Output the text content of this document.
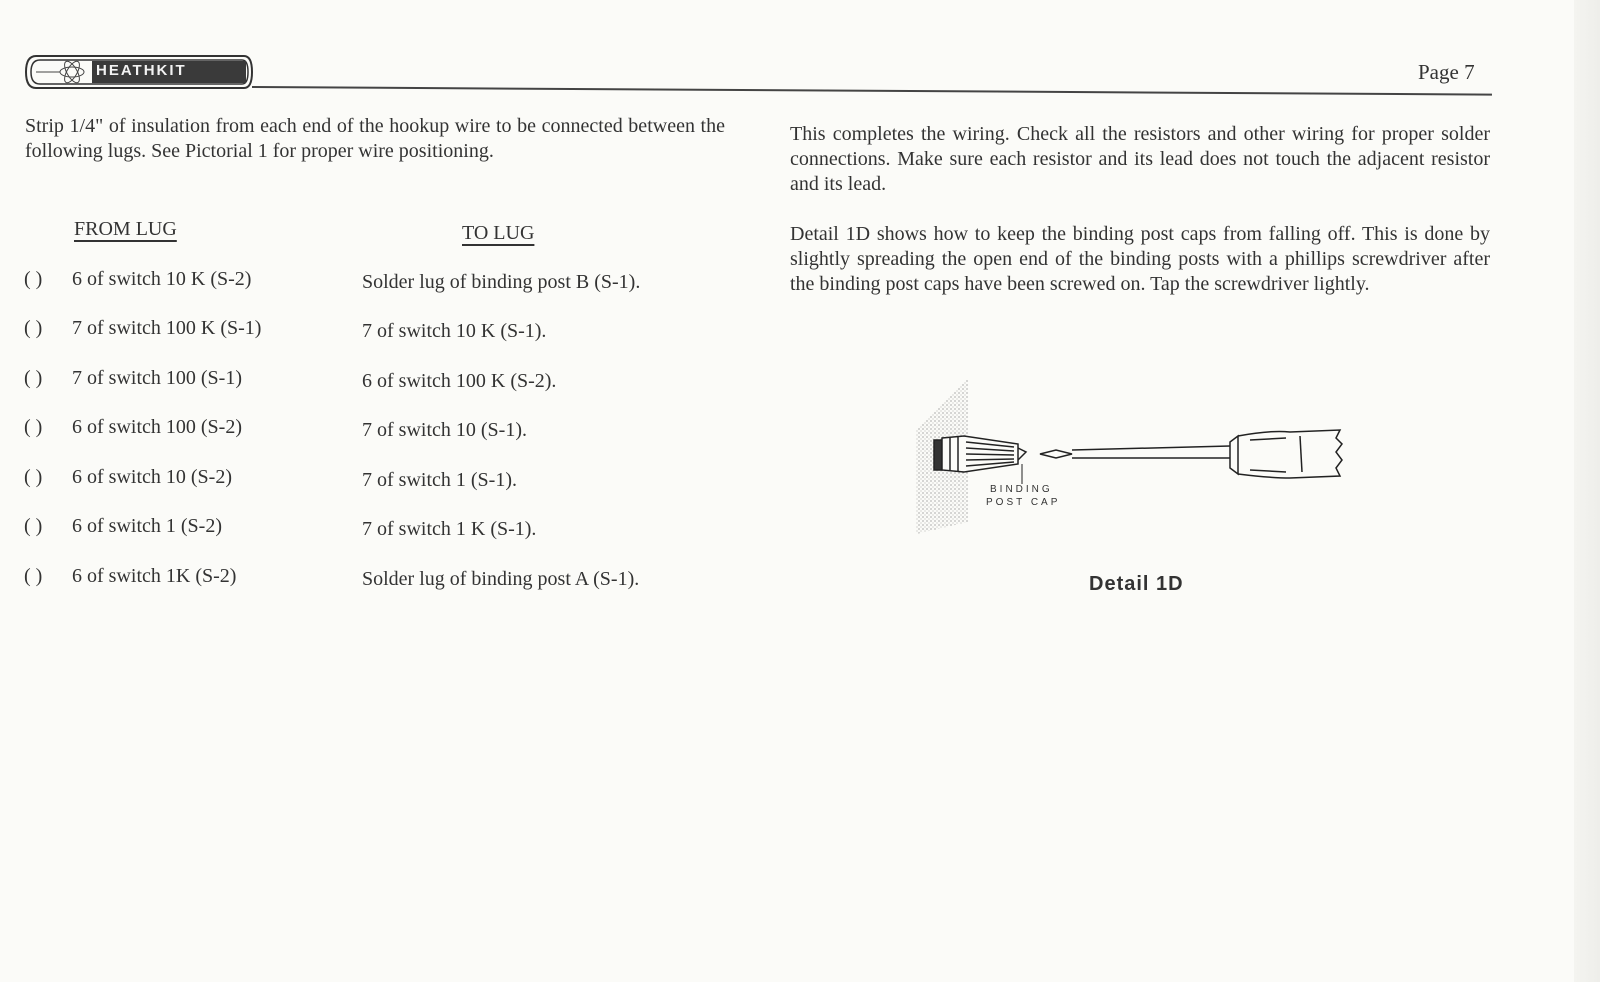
HEATHKIT	Page 7
Strip 1/4" of insulation from each end of the hookup wire to be connected between the following lugs. See Pictorial 1 for proper wire positioning.
FROM LUG	TO LUG
( ) 6 of switch 10 K (S-2)	Solder lug of binding post B (S-1).
( ) 7 of switch 100 K (S-1)	7 of switch 10 K (S-1).
( ) 7 of switch 100 (S-1)	6 of switch 100 K (S-2).
( ) 6 of switch 100 (S-2)	7 of switch 10 (S-1).
( ) 6 of switch 10 (S-2)	7 of switch 1 (S-1).
( ) 6 of switch 1 (S-2)	7 of switch 1 K (S-1).
( ) 6 of switch 1K (S-2)	Solder lug of binding post A (S-1).
This completes the wiring. Check all the resistors and other wiring for proper solder connections. Make sure each resistor and its lead does not touch the adjacent resistor and its lead.
Detail 1D shows how to keep the binding post caps from falling off. This is done by slightly spreading the open end of the binding posts with a phillips screwdriver after the binding post caps have been screwed on. Tap the screwdriver lightly.
BINDING
POST CAP
Detail 1D
